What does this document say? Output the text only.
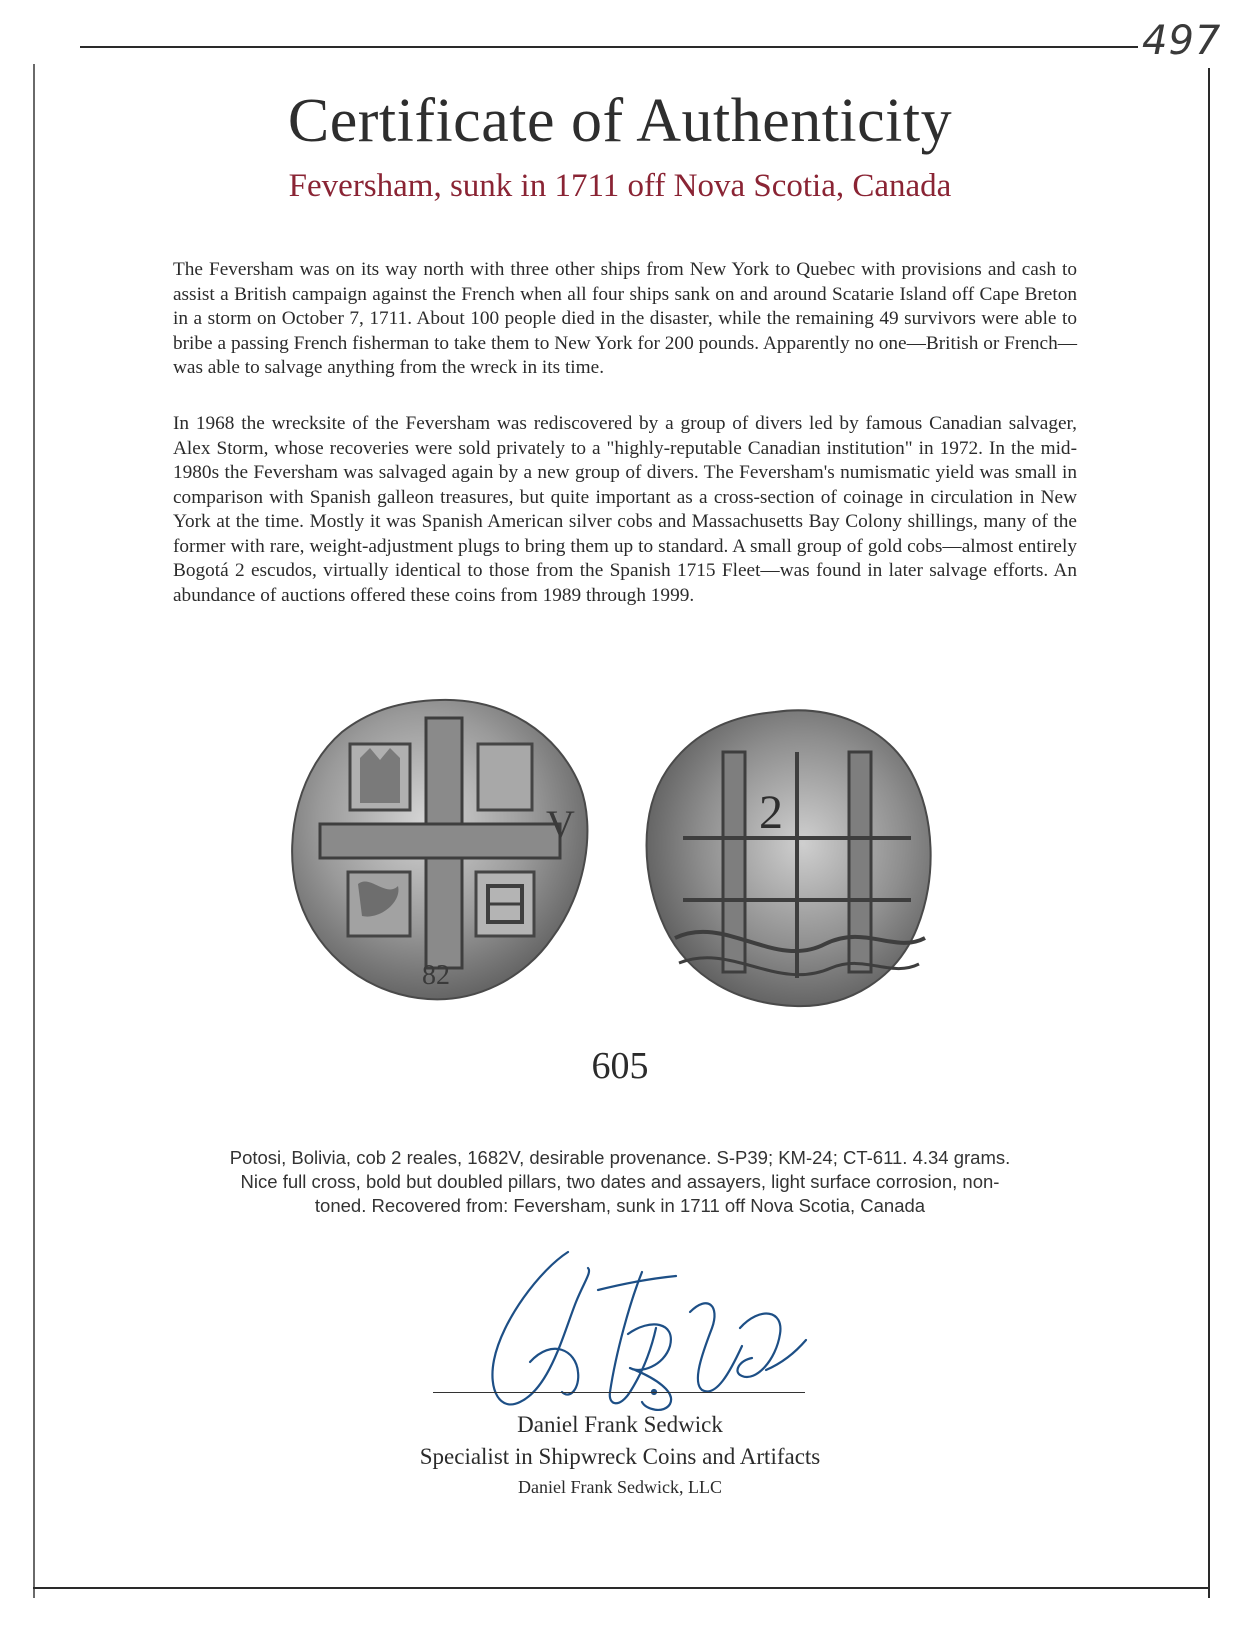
497
Certificate of Authenticity
Feversham, sunk in 1711 off Nova Scotia, Canada

The Feversham was on its way north with three other ships from New York to Quebec with provisions and cash to assist a British campaign against the French when all four ships sank on and around Scatarie Island off Cape Breton in a storm on October 7, 1711. About 100 people died in the disaster, while the remaining 49 survivors were able to bribe a passing French fisherman to take them to New York for 200 pounds. Apparently no one—British or French—was able to salvage anything from the wreck in its time.

In 1968 the wrecksite of the Feversham was rediscovered by a group of divers led by famous Canadian salvager, Alex Storm, whose recoveries were sold privately to a "highly-reputable Canadian institution" in 1972. In the mid-1980s the Feversham was salvaged again by a new group of divers. The Feversham's numismatic yield was small in comparison with Spanish galleon treasures, but quite important as a cross-section of coinage in circulation in New York at the time. Mostly it was Spanish American silver cobs and Massachusetts Bay Colony shillings, many of the former with rare, weight-adjustment plugs to bring them up to standard. A small group of gold cobs—almost entirely Bogotá 2 escudos, virtually identical to those from the Spanish 1715 Fleet—was found in later salvage efforts. An abundance of auctions offered these coins from 1989 through 1999.

V
82
2
605
Potosi, Bolivia, cob 2 reales, 1682V, desirable provenance. S-P39; KM-24; CT-611. 4.34 grams.
Nice full cross, bold but doubled pillars, two dates and assayers, light surface corrosion, non-
toned. Recovered from: Feversham, sunk in 1711 off Nova Scotia, Canada
Daniel Frank Sedwick
Specialist in Shipwreck Coins and Artifacts
Daniel Frank Sedwick, LLC
